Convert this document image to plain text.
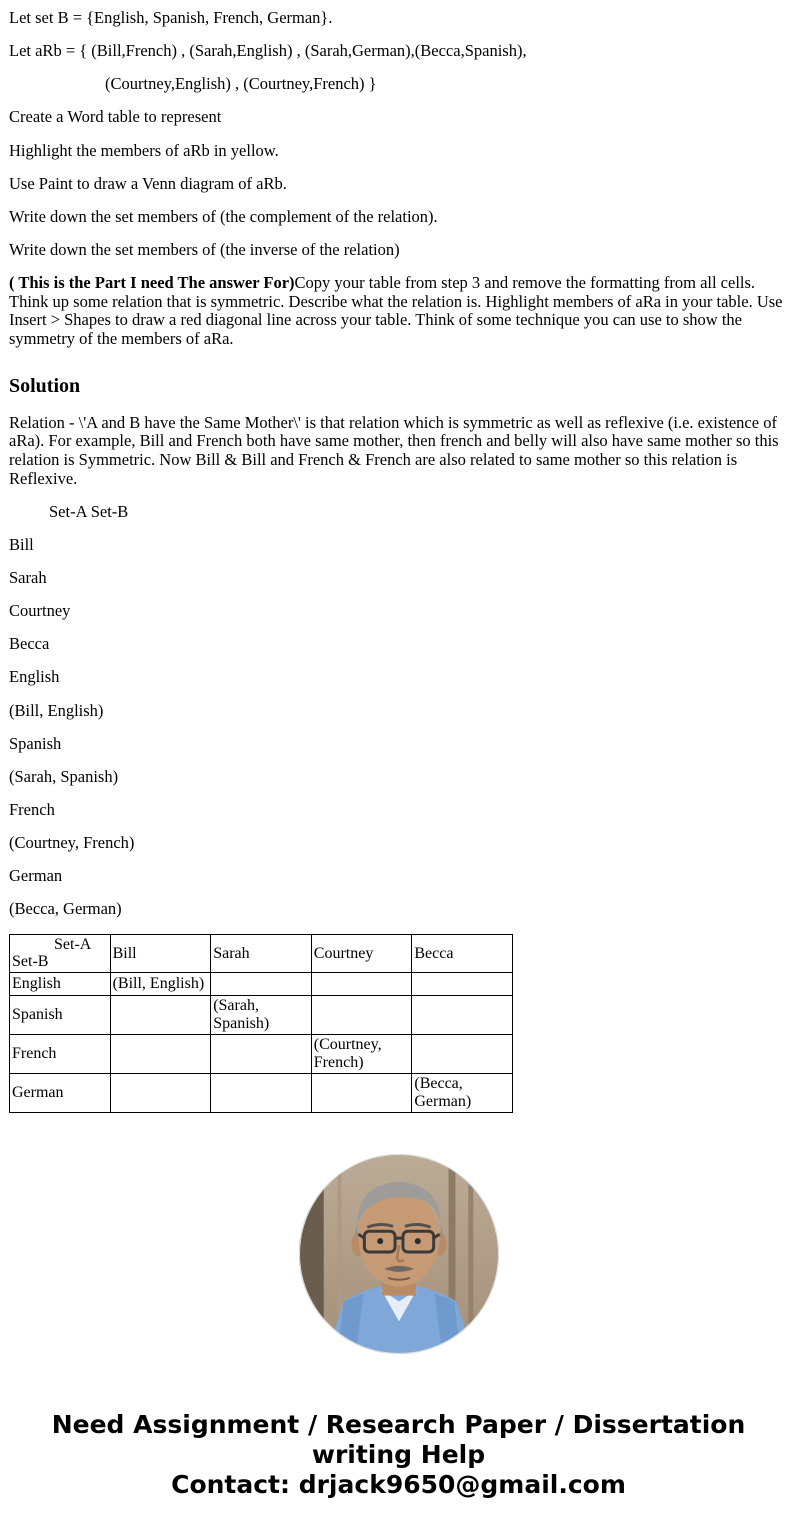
Let set B = {English, Spanish, French, German}.

Let aRb = { (Bill,French) , (Sarah,English) , (Sarah,German),(Becca,Spanish),

(Courtney,English) , (Courtney,French) }

Create a Word table to represent

Highlight the members of aRb in yellow.

Use Paint to draw a Venn diagram of aRb.

Write down the set members of (the complement of the relation).

Write down the set members of (the inverse of the relation)

( This is the Part I need The answer For)Copy your table from step 3 and remove the formatting from all cells. Think up some relation that is symmetric. Describe what the relation is. Highlight members of aRa in your table. Use Insert > Shapes to draw a red diagonal line across your table. Think of some technique you can use to show the symmetry of the members of aRa.

Solution

Relation - \'A and B have the Same Mother\' is that relation which is symmetric as well as reflexive (i.e. existence of aRa). For example, Bill and French both have same mother, then french and belly will also have same mother so this relation is Symmetric. Now Bill & Bill and French & French are also related to same mother so this relation is Reflexive.

Set-A Set-B

Bill

Sarah

Courtney

Becca

English

(Bill, English)

Spanish

(Sarah, Spanish)

French

(Courtney, French)

German

(Becca, German)

Set-A
Set-B	Bill	Sarah	Courtney	Becca
English	(Bill, English)			
Spanish		(Sarah, Spanish)		
French			(Courtney, French)	
German				(Becca, German)
Need Assignment / Research Paper / Dissertation writing Help
Contact: drjack9650@gmail.com
